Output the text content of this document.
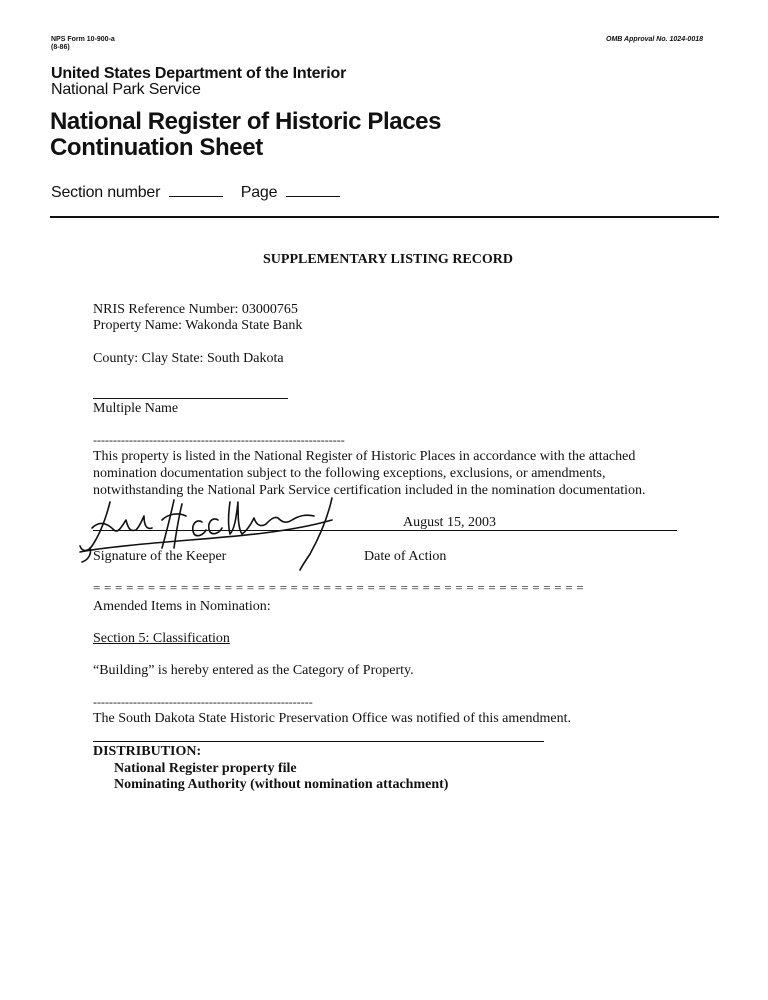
NPS Form 10-900-a
(8-86)
OMB Approval No. 1024-0018
United States Department of the Interior
National Park Service
National Register of Historic Places
Continuation Sheet
Section number	Page
SUPPLEMENTARY LISTING RECORD
NRIS Reference Number: 03000765
Property Name: Wakonda State Bank
County: Clay State: South Dakota
Multiple Name
---------------------------------------------------------------
This property is listed in the National Register of Historic Places in accordance with the attached
nomination documentation subject to the following exceptions, exclusions, or amendments,
notwithstanding the National Park Service certification included in the nomination documentation.
August 15, 2003
Signature of the Keeper	Date of Action
= = = = = = = = = = = = = = = = = = = = = = = = = = = = = = = = = = = = = = = = = = = = =
Amended Items in Nomination:
Section 5: Classification
“Building” is hereby entered as the Category of Property.
-------------------------------------------------------
The South Dakota State Historic Preservation Office was notified of this amendment.
DISTRIBUTION:
National Register property file
Nominating Authority (without nomination attachment)
